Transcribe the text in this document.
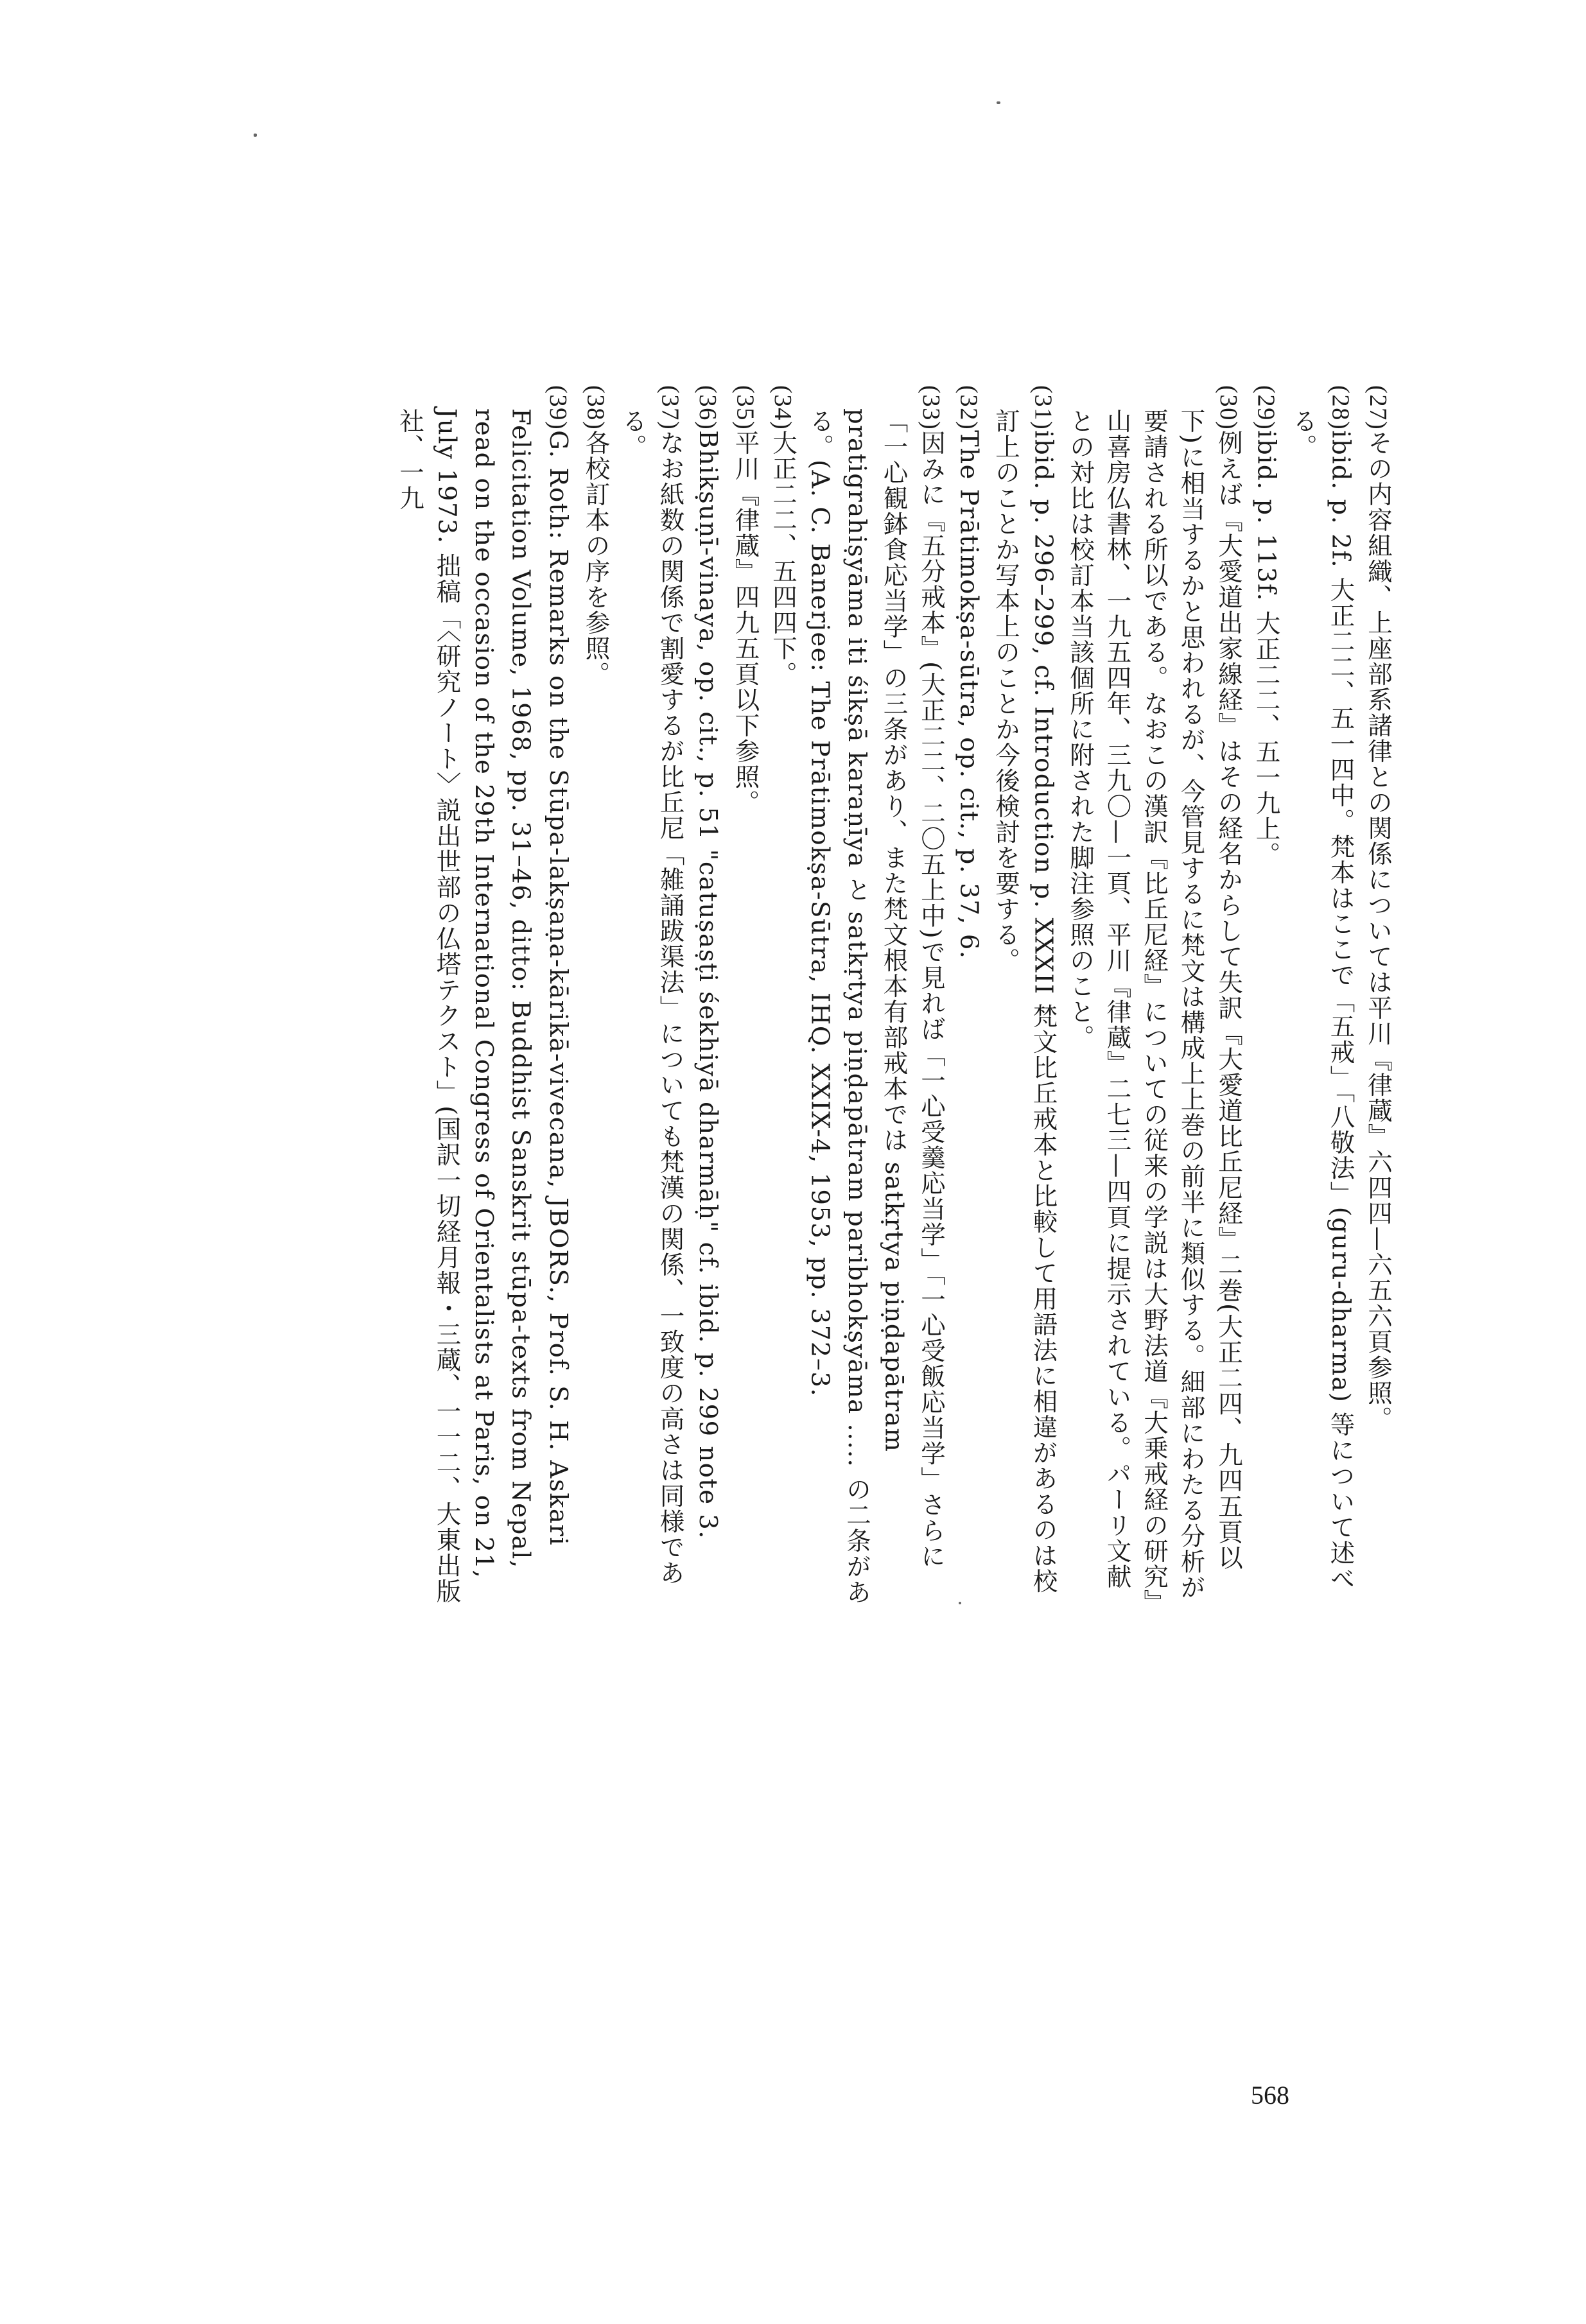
(27)その内容組織、上座部系諸律との関係については平川『律蔵』六四四—六五六頁参照。
(28)ibid. p. 2f. 大正二二、五一四中。梵本はここで「五戒」「八敬法」(guru-dharma) 等について述べる。
(29)ibid. p. 113f. 大正二二、五一九上。
(30)例えば『大愛道出家線経』はその経名からして失訳『大愛道比丘尼経』二巻(大正二四、九四五頁以下)に相当するかと思われるが、今管見するに梵文は構成上上巻の前半に類似する。細部にわたる分析が要請される所以である。なおこの漢訳『比丘尼経』についての従来の学説は大野法道『大乗戒経の研究』山喜房仏書林、一九五四年、三九〇—一頁、平川『律蔵』二七三—四頁に提示されている。パーリ文献との対比は校訂本当該個所に附された脚注参照のこと。
(31)ibid. p. 296–299, cf. Introduction p. XXXII 梵文比丘戒本と比較して用語法に相違があるのは校訂上のことか写本上のことか今後検討を要する。
(32)The Prātimokṣa-sūtra, op. cit., p. 37, 6.
(33)因みに『五分戒本』(大正二二、二〇五上中)で見れば「一心受羹応当学」「一心受飯応当学」さらに「一心観鉢食応当学」の三条があり、また梵文根本有部戒本では satkṛtya piṇḍapātram pratigrahiṣyāma iti śikṣā karaṇīya と satkṛtya piṇḍapātram paribhokṣyāma ..... の二条がある。(A. C. Banerjee: The Prātimokṣa-Sūtra, IHQ. XXIX-4, 1953, pp. 372–3.
(34)大正二二、五四四下。
(35)平川『律蔵』四九五頁以下参照。
(36)Bhikṣuṇī-vinaya, op. cit., p. 51 "catuṣaṣṭi śekhiyā dharmāḥ" cf. ibid. p. 299 note 3.
(37)なお紙数の関係で割愛するが比丘尼「雑誦跋渠法」についても梵漢の関係、一致度の高さは同様である。
(38)各校訂本の序を参照。
(39)G. Roth: Remarks on the Stūpa-lakṣaṇa-kārikā-vivecana, JBORS., Prof. S. H. Askari Felicitation Volume, 1968, pp. 31–46, ditto: Buddhist Sanskrit stūpa-texts from Nepal, read on the occasion of the 29th International Congress of Orientalists at Paris, on 21, July 1973. 拙稿「〈研究ノート〉説出世部の仏塔テクスト」(国訳一切経月報・三蔵、一一二、大東出版社、一九
568
